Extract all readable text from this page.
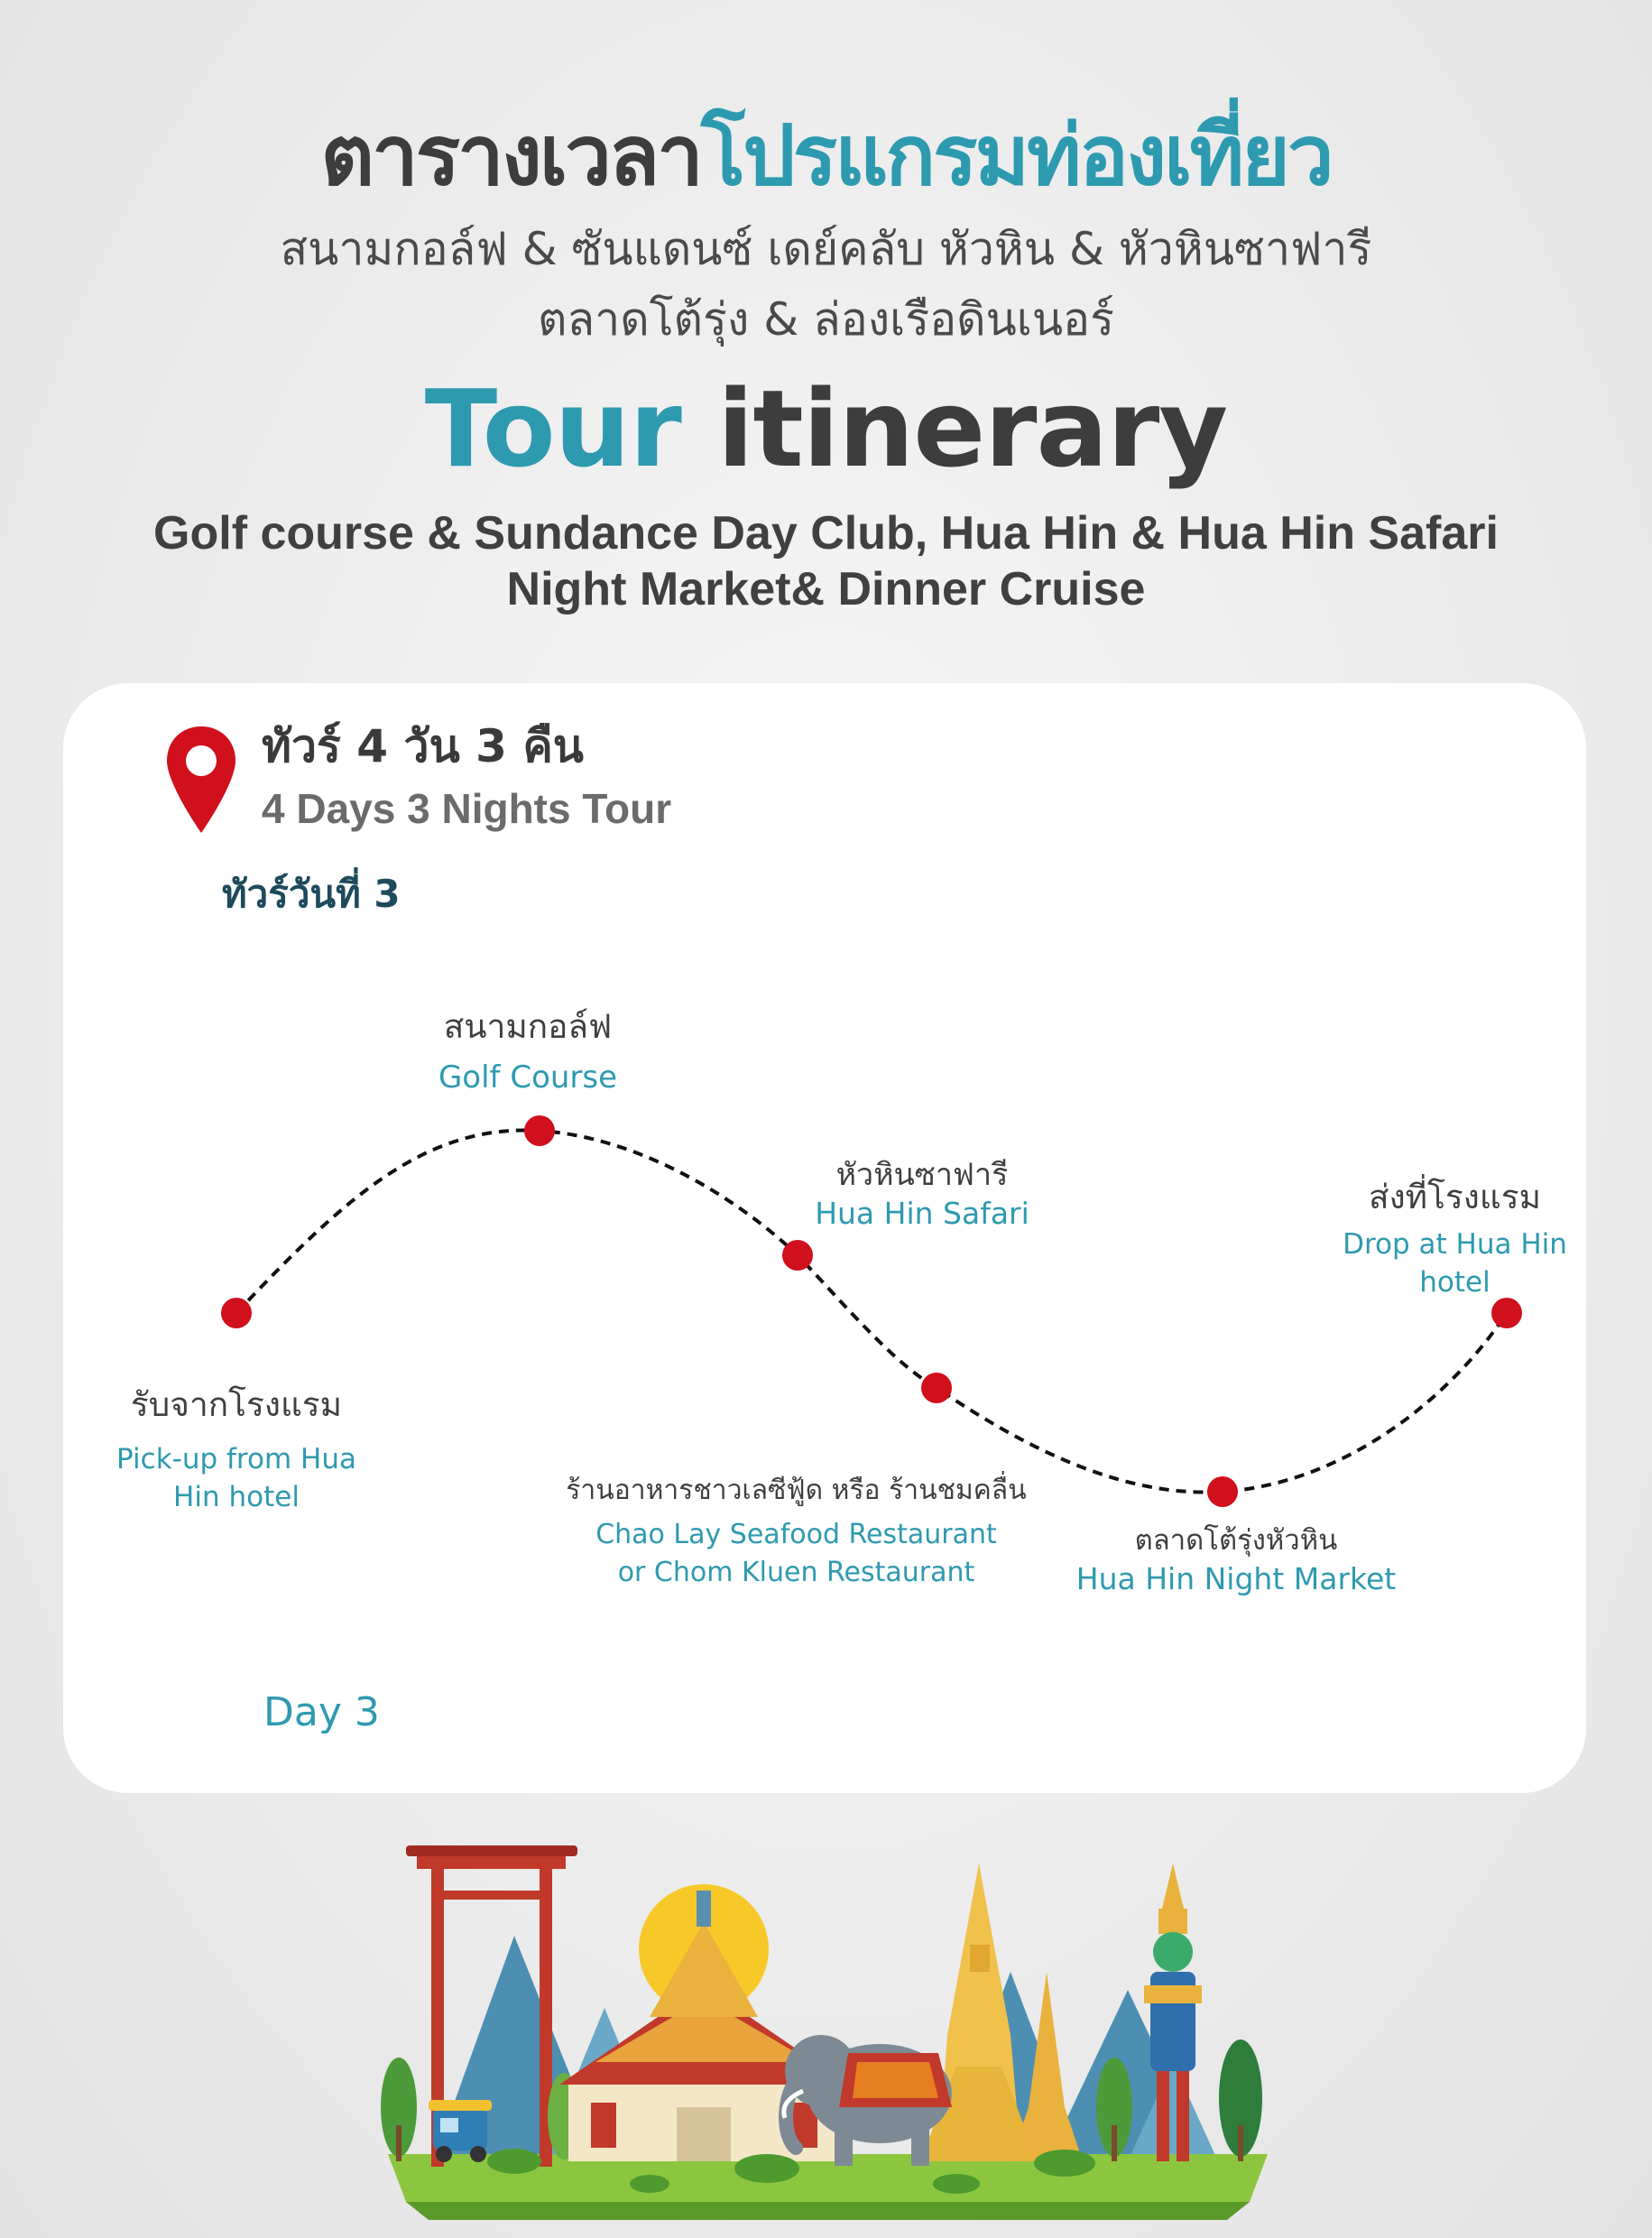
ตารางเวลาโปรแกรมท่องเที่ยว
สนามกอล์ฟ & ซันแดนซ์ เดย์คลับ หัวหิน & หัวหินซาฟารี
ตลาดโต้รุ่ง & ล่องเรือดินเนอร์
Tour itinerary
Golf course & Sundance Day Club, Hua Hin & Hua Hin Safari
Night Market& Dinner Cruise
ทัวร์ 4 วัน 3 คืน
4 Days 3 Nights Tour
ทัวร์วันที่ 3
รับจากโรงแรม
Pick-up from Hua
Hin hotel
สนามกอล์ฟ
Golf Course
หัวหินซาฟารี
Hua Hin Safari
ร้านอาหารชาวเลซีฟู้ด หรือ ร้านชมคลื่น
Chao Lay Seafood Restaurant
or Chom Kluen Restaurant
ตลาดโต้รุ่งหัวหิน
Hua Hin Night Market
ส่งที่โรงแรม
Drop at Hua Hin
hotel
Day 3
